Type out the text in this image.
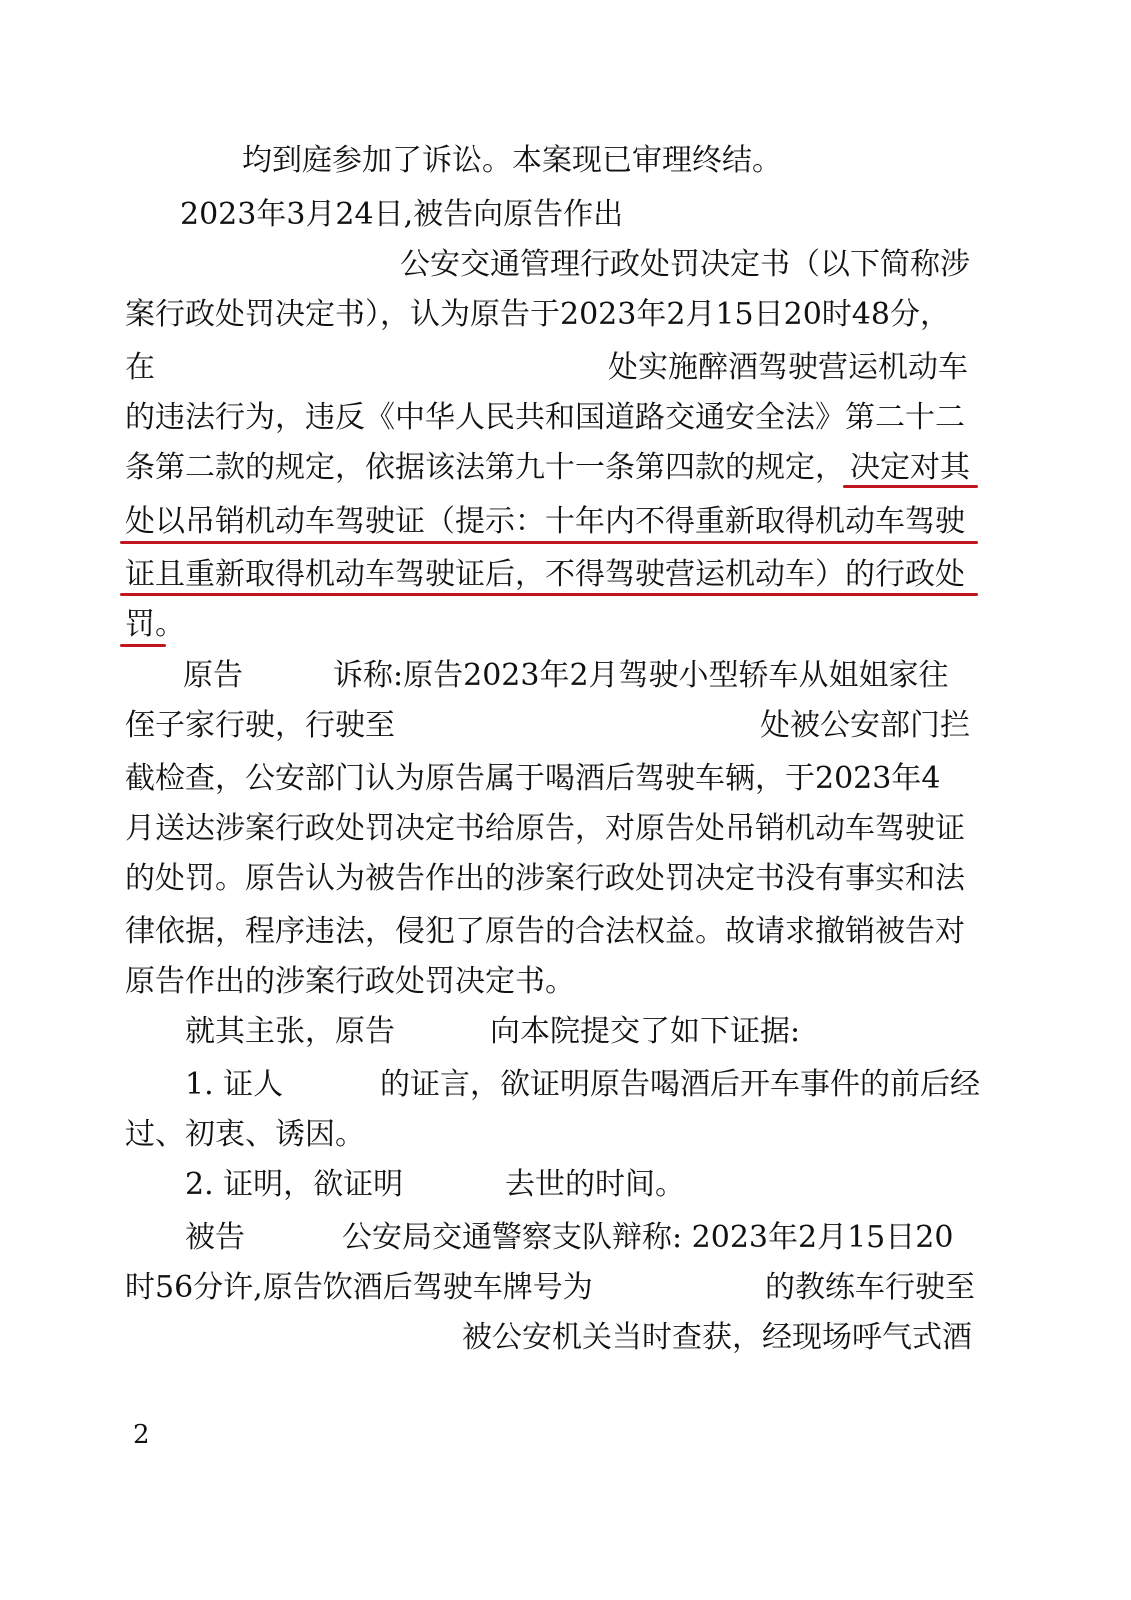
均到庭参加了诉讼。本案现已审理终结。
2023年3月24日,被告向原告作出
公安交通管理行政处罚决定书（以下简称涉
案行政处罚决定书），认为原告于2023年2月15日20时48分，
在	处实施醉酒驾驶营运机动车
的违法行为，违反《中华人民共和国道路交通安全法》第二十二
条第二款的规定，依据该法第九十一条第四款的规定， 决定对其
处以吊销机动车驾驶证（提示：十年内不得重新取得机动车驾驶
证且重新取得机动车驾驶证后，不得驾驶营运机动车）的行政处
罚 。
原告	诉称:原告2023年2月驾驶小型轿车从姐姐家往
侄子家行驶，行驶至	处被公安部门拦
截检查，公安部门认为原告属于喝酒后驾驶车辆，于2023年4
月送达涉案行政处罚决定书给原告，对原告处吊销机动车驾驶证
的处罚。原告认为被告作出的涉案行政处罚决定书没有事实和法
律依据，程序违法，侵犯了原告的合法权益。故请求撤销被告对
原告作出的涉案行政处罚决定书。
就其主张，原告	向本院提交了如下证据:
1. 证人	的证言，欲证明原告喝酒后开车事件的前后经
过、初衷、诱因。
2. 证明，欲证明	去世的时间。
被告	公安局交通警察支队辩称: 2023年2月15日20
时56分许,原告饮酒后驾驶车牌号为	的教练车行驶至
被公安机关当时查获，经现场呼气式酒
2
